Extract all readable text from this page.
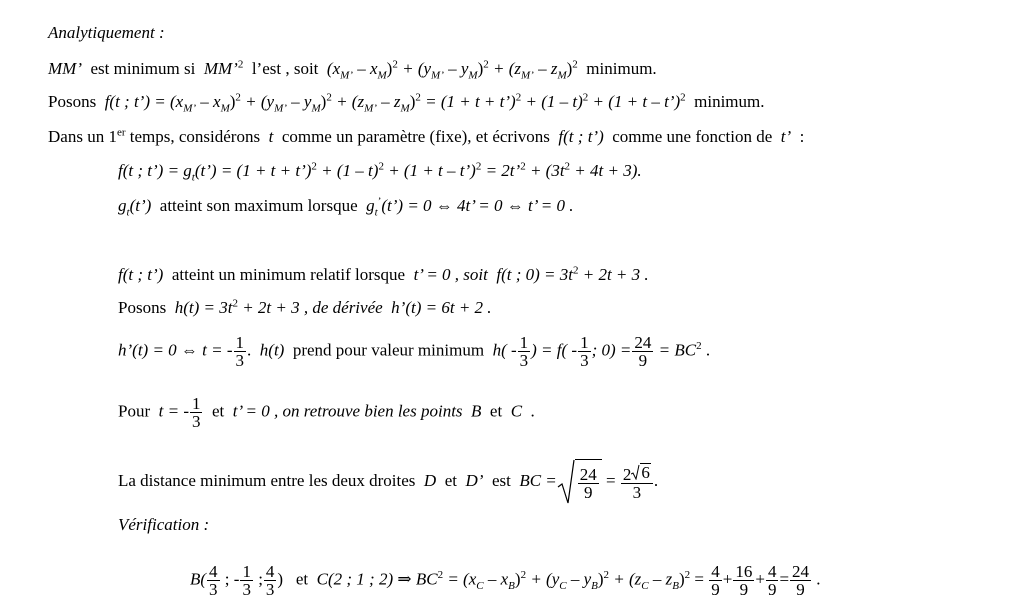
Analytiquement :
MM’ est minimum si MM’$^2$ l’est , soit $(x_{M’} - x_M)^2 + (y_{M’} - y_M)^2 + (z_{M’} - z_M)^2$ minimum.
Posons f(t ; t’) = $(x_{M’} - x_M)^2 + (y_{M’} - y_M)^2 + (z_{M’} - z_M)^2 = (1 + t$ + t’)$^2$ + (1 – t)$^2$ + (1 + t – t’)$^2$ minimum.
Dans un 1er temps, considérons t comme un paramètre (fixe), et écrivons f(t ; t’) comme une fonction de t’ :
f(t ; t’) = $g_t(t’) = (1 + t$ + t’)$^2$ + (1 – t)$^2$ + (1 + t – t’)$^2$ = 2t’$^2$ + $(3t^2 + 4t + 3)$.
$g_t(t’)$ atteint son maximum lorsque $g_t^’(t’) = 0$ ⇔ 4t’ = 0 ⇔ t’ = 0 .
f(t ; t’) atteint un minimum relatif lorsque t’ = 0 , soit f(t ; $0) = 3t^2 + 2t + 3$ .
Posons $h(t) = 3t^2 + 2t + 3$ , de dérivée h’(t) = 6t + 2 .
h’(t) = 0 ⇔ t = - $\frac{1}{3}$ . h(t) prend pour valeur minimum $h( - \frac{1}{3}$ ) = $f( - \frac{1}{3}$ ; $0) = \frac{24}{9} = BC^2$ .
Pour t = - $\frac{1}{3}$ et t’ = 0 , on retrouve bien les points B et C .
La distance minimum entre les deux droites D et D’ est BC = $\frac{24}{9} = \frac{2 6}{3}$ .
Vérification :
$B( \frac{4}{3}$ ; - $\frac{1}{3}$ ; $\frac{4}{3}$ ) et C(2 ; 1 ; 2) ⇒ $BC^2 = (x_C - x_B)^2 + (y_C - y_B)^2 + (z_C - z_B)^2 = \frac{4}{9} + \frac{16}{9} + \frac{4}{9} = \frac{24}{9}$ .
